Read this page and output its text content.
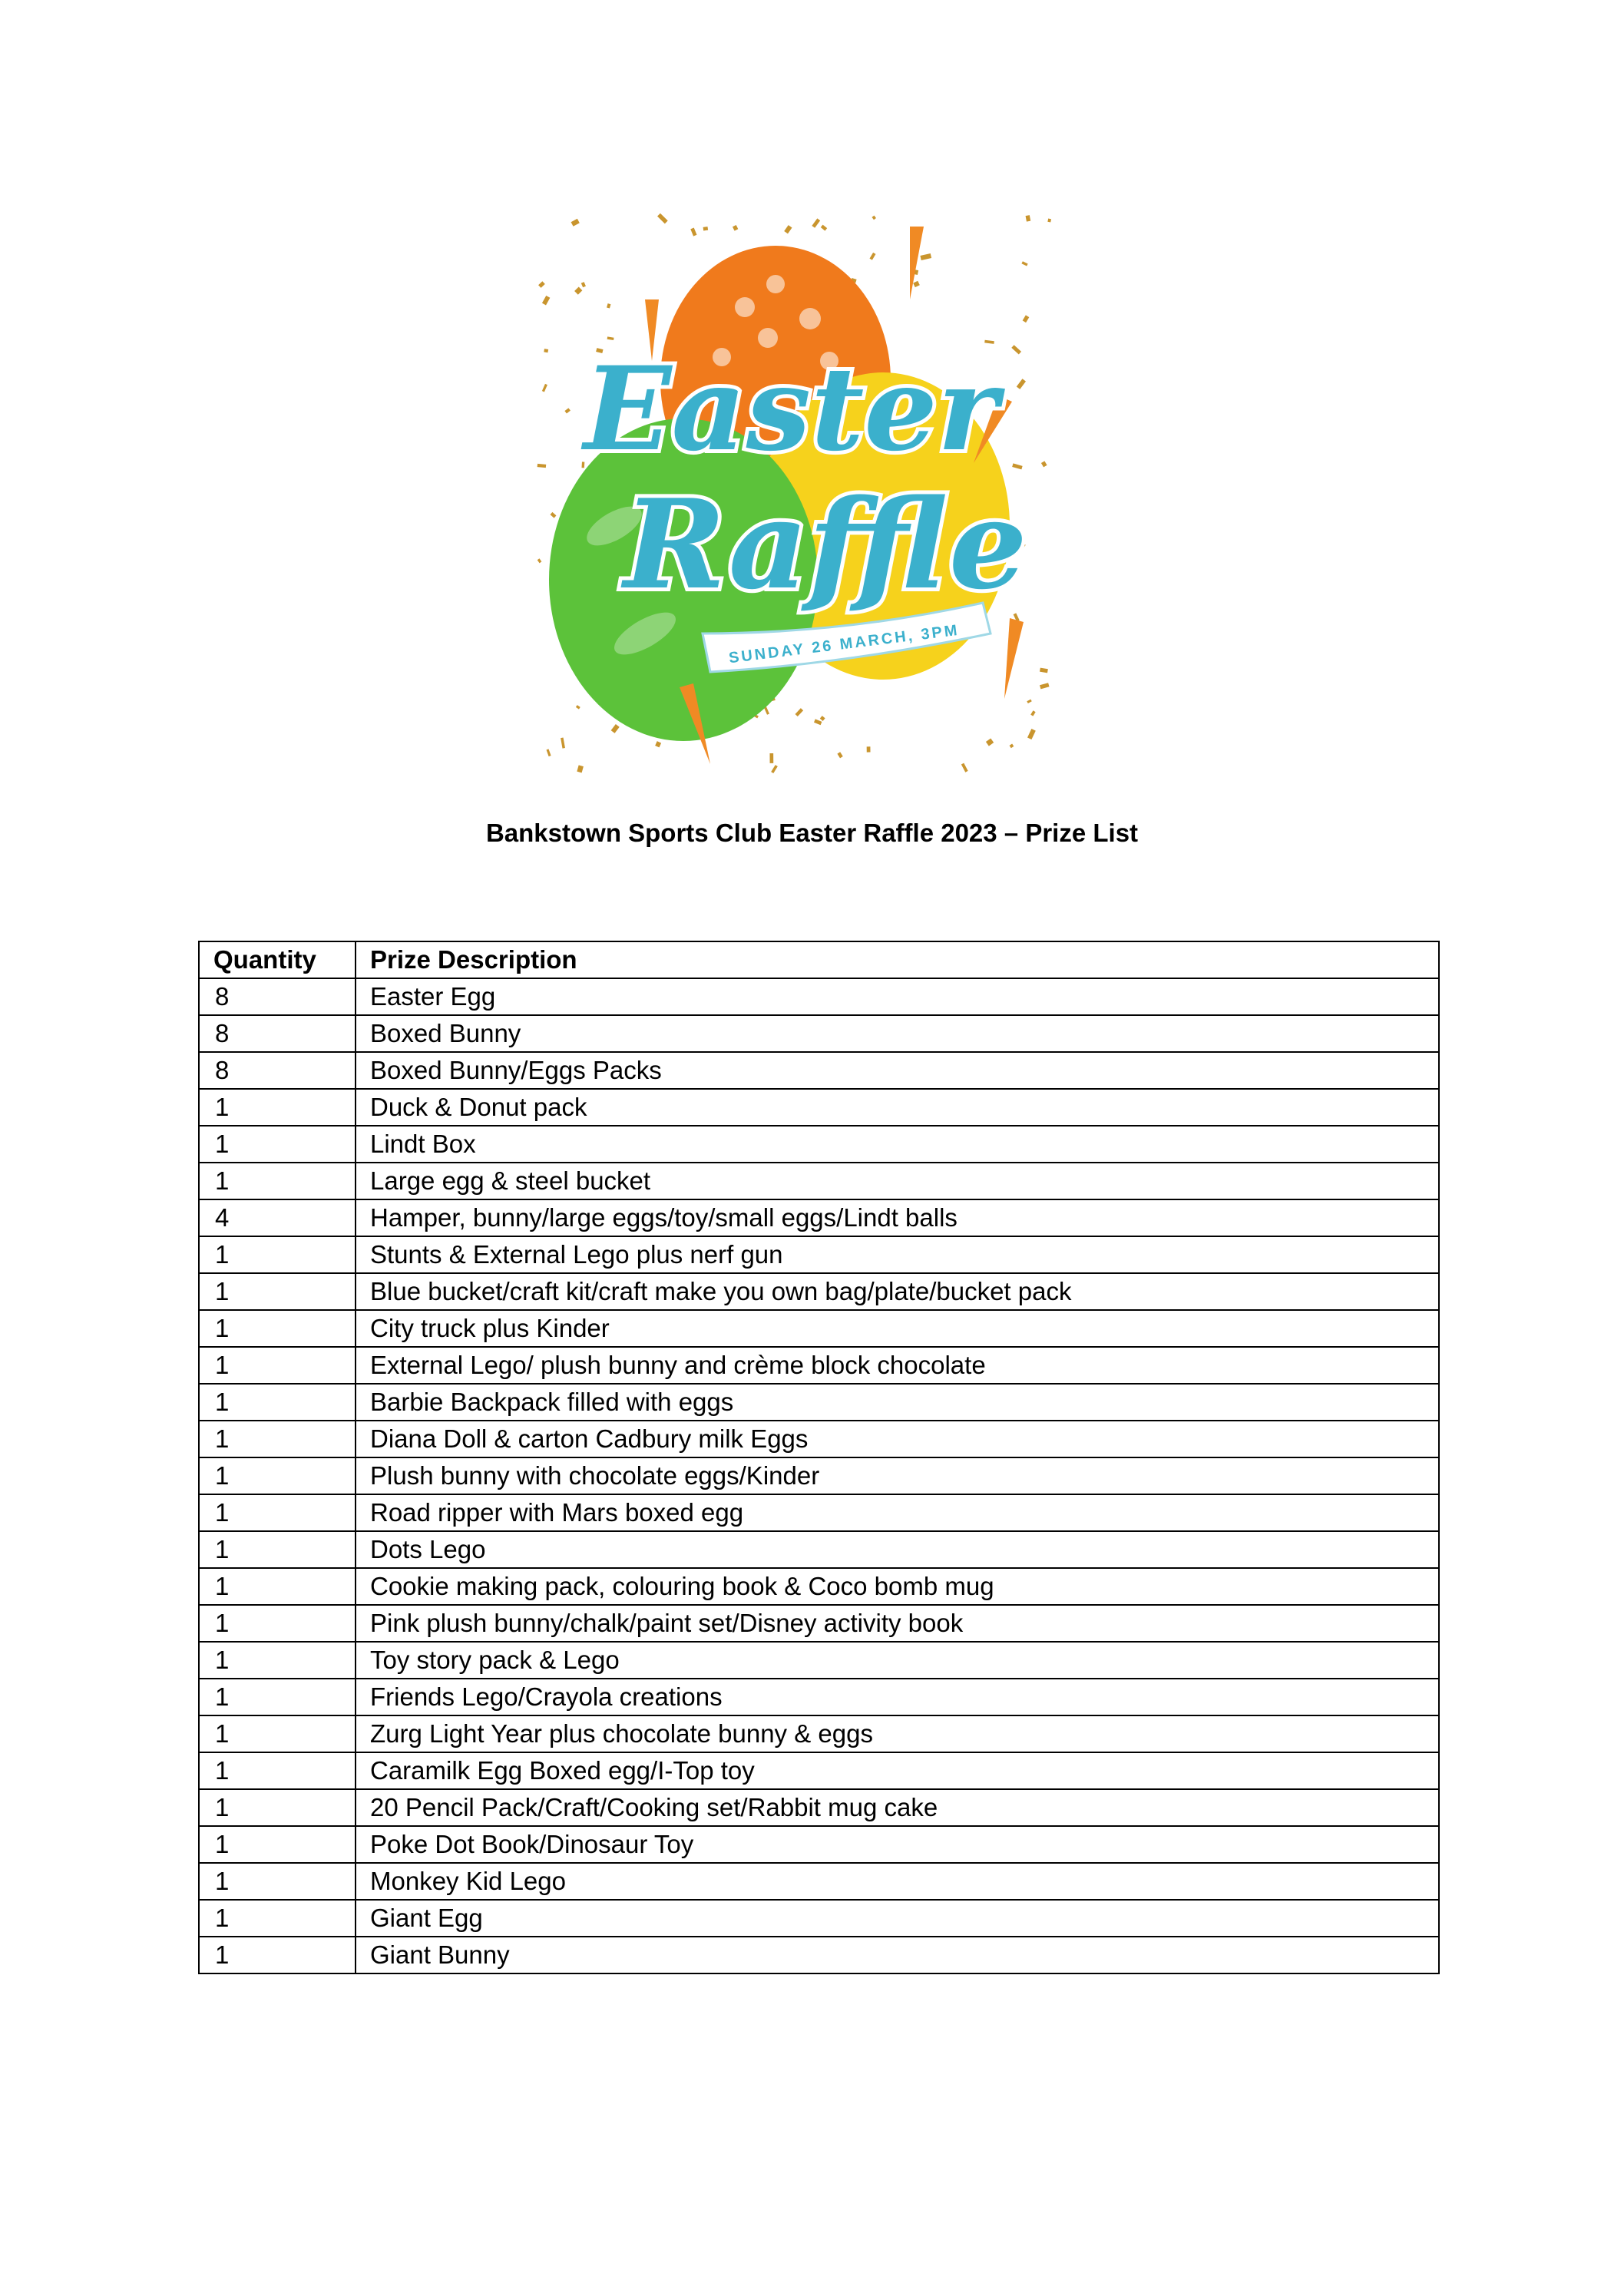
Easter
Raffle
SUNDAY 26 MARCH, 3PM
Bankstown Sports Club Easter Raffle 2023 – Prize List
Quantity	Prize Description
8	Easter Egg
8	Boxed Bunny
8	Boxed Bunny/Eggs Packs
1	Duck & Donut pack
1	Lindt Box
1	Large egg & steel bucket
4	Hamper, bunny/large eggs/toy/small eggs/Lindt balls
1	Stunts & External Lego plus nerf gun
1	Blue bucket/craft kit/craft make you own bag/plate/bucket pack
1	City truck plus Kinder
1	External Lego/ plush bunny and crème block chocolate
1	Barbie Backpack filled with eggs
1	Diana Doll & carton Cadbury milk Eggs
1	Plush bunny with chocolate eggs/Kinder
1	Road ripper with Mars boxed egg
1	Dots Lego
1	Cookie making pack, colouring book & Coco bomb mug
1	Pink plush bunny/chalk/paint set/Disney activity book
1	Toy story pack & Lego
1	Friends Lego/Crayola creations
1	Zurg Light Year plus chocolate bunny & eggs
1	Caramilk Egg Boxed egg/I-Top toy
1	20 Pencil Pack/Craft/Cooking set/Rabbit mug cake
1	Poke Dot Book/Dinosaur Toy
1	Monkey Kid Lego
1	Giant Egg
1	Giant Bunny
